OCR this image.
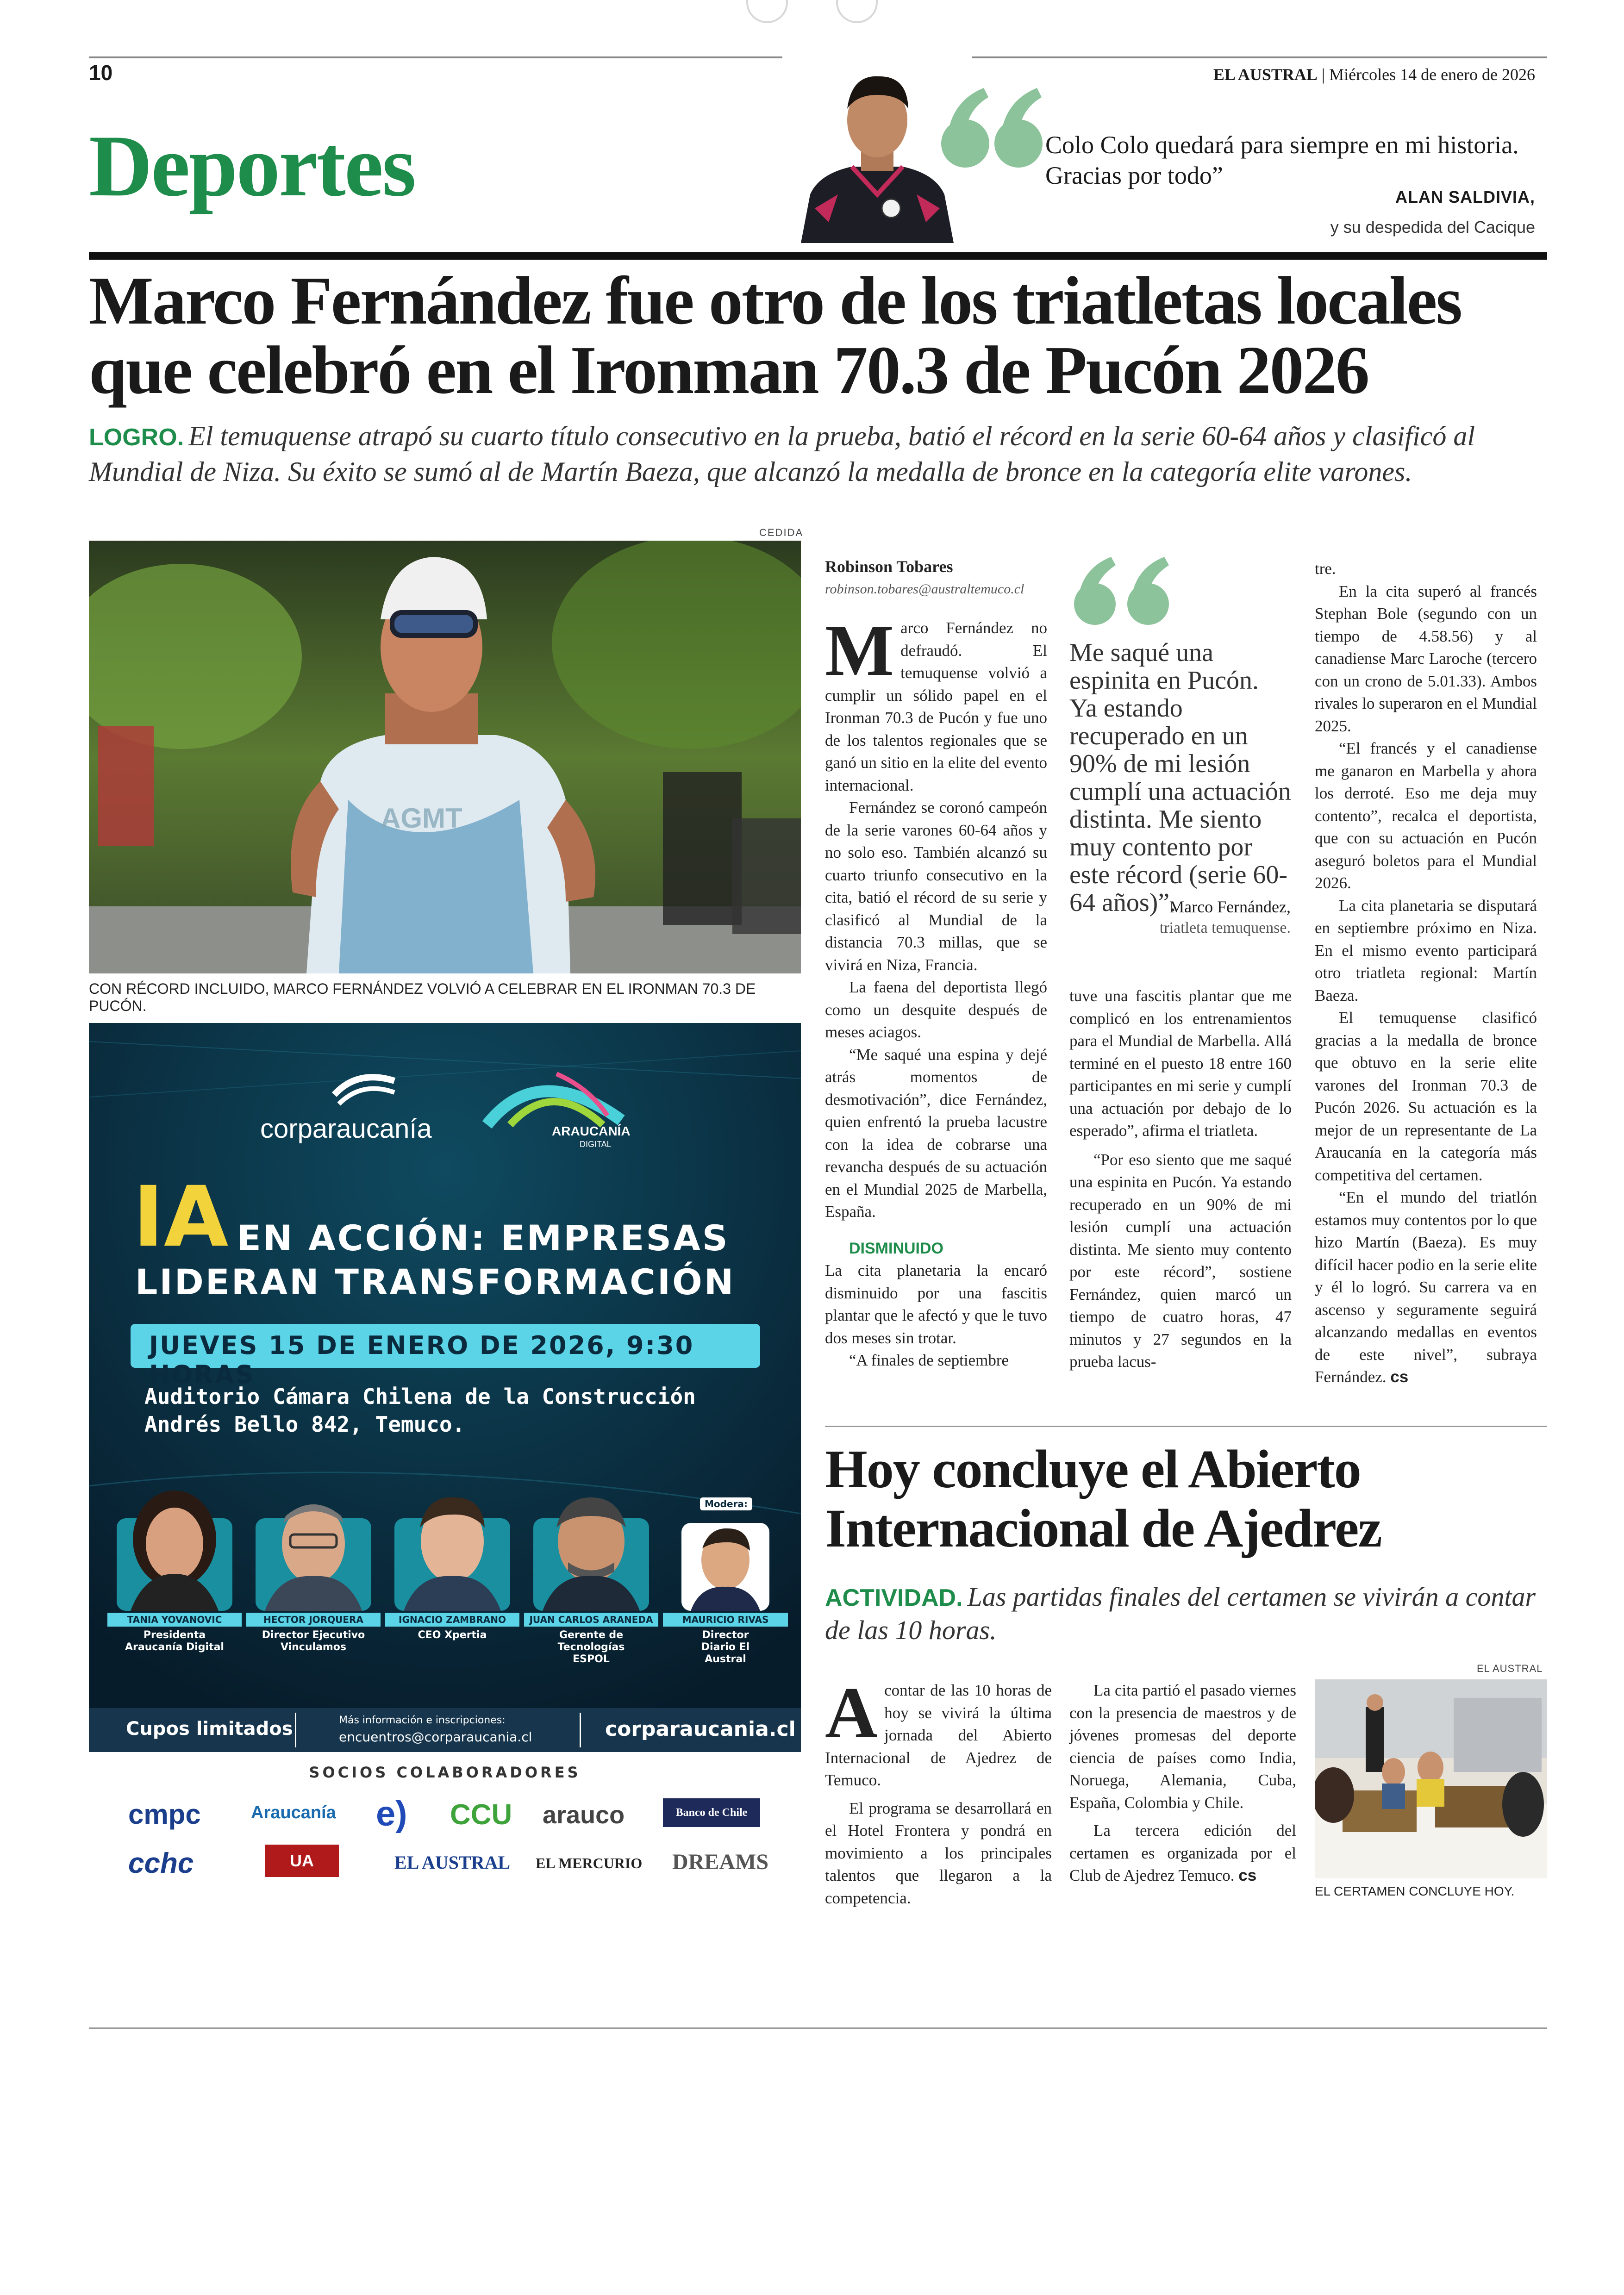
10	EL AUSTRAL | Miércoles 14 de enero de 2026
Deportes	Colo Colo quedará para siempre en mi historia. Gracias por todo”
ALAN SALDIVIA,
y su despedida del Cacique
Marco Fernández fue otro de los triatletas locales que celebró en el Ironman 70.3 de Pucón 2026
LOGRO. El temuquense atrapó su cuarto título consecutivo en la prueba, batió el récord en la serie 60-64 años y clasificó al Mundial de Niza. Su éxito se sumó al de Martín Baeza, que alcanzó la medalla de bronce en la categoría elite varones.
CEDIDA
AGMT
CON RÉCORD INCLUIDO, MARCO FERNÁNDEZ VOLVIÓ A CELEBRAR EN EL IRONMAN 70.3 DE PUCÓN.
corparaucanía	ARAUCANÍA
DIGITAL
IA EN ACCIÓN: EMPRESAS
LIDERAN TRANSFORMACIÓN
JUEVES 15 DE ENERO DE 2026, 9:30 HORAS
Auditorio Cámara Chilena de la Construcción
Andrés Bello 842, Temuco.
TANIA YOVANOVIC
Presidenta Araucanía Digital
HECTOR JORQUERA
Director Ejecutivo Vinculamos
IGNACIO ZAMBRANO
CEO Xpertia
JUAN CARLOS ARANEDA
Gerente de Tecnologías ESPOL
Modera:
MAURICIO RIVAS
Director Diario El Austral
Cupos limitados	Más información e inscripciones:
encuentros@corparaucania.cl	corparaucania.cl
SOCIOS COLABORADORES
cmpc	Araucanía e) CCU arauco	Banco de Chile
cchc	UA	EL AUSTRAL EL MERCURIO DREAMS

Robinson Tobares

robinson.tobares@australtemuco.cl

Marco Fernández no defraudó. El temuquense volvió a cumplir un sólido papel en el Ironman 70.3 de Pucón y fue uno de los talentos regionales que se ganó un sitio en la elite del evento internacional.

Fernández se coronó campeón de la serie varones 60-64 años y no solo eso. También alcanzó su cuarto triunfo consecutivo en la cita, batió el récord de su serie y clasificó al Mundial de la distancia 70.3 millas, que se vivirá en Niza, Francia.

La faena del deportista llegó como un desquite después de meses aciagos.

“Me saqué una espina y dejé atrás momentos de desmotivación”, dice Fernández, quien enfrentó la prueba lacustre con la idea de cobrarse una revancha después de su actuación en el Mundial 2025 de Marbella, España.

DISMINUIDO

La cita planetaria la encaró disminuido por una fascitis plantar que le afectó y que le tuvo dos meses sin trotar.

“A finales de septiembre

Me saqué una espinita en Pucón. Ya estando recuperado en un 90% de mi lesión cumplí una actuación distinta. Me siento muy contento por este récord (serie 60-64 años)”.
Marco Fernández,
triatleta temuquense.

tuve una fascitis plantar que me complicó en los entrenamientos para el Mundial de Marbella. Allá terminé en el puesto 18 entre 160 participantes en mi serie y cumplí una actuación por debajo de lo esperado”, afirma el triatleta.

“Por eso siento que me saqué una espinita en Pucón. Ya estando recuperado en un 90% de mi lesión cumplí una actuación distinta. Me siento muy contento por este récord”, sostiene Fernández, quien marcó un tiempo de cuatro horas, 47 minutos y 27 segundos en la prueba lacus-

tre.

En la cita superó al francés Stephan Bole (segundo con un tiempo de 4.58.56) y al canadiense Marc Laroche (tercero con un crono de 5.01.33). Ambos rivales lo superaron en el Mundial 2025.

“El francés y el canadiense me ganaron en Marbella y ahora los derroté. Eso me deja muy contento”, recalca el deportista, que con su actuación en Pucón aseguró boletos para el Mundial 2026.

La cita planetaria se disputará en septiembre próximo en Niza. En el mismo evento participará otro triatleta regional: Martín Baeza.

El temuquense clasificó gracias a la medalla de bronce que obtuvo en la serie elite varones del Ironman 70.3 de Pucón 2026. Su actuación es la mejor de un representante de La Araucanía en la categoría más competitiva del certamen.

“En el mundo del triatlón estamos muy contentos por lo que hizo Martín (Baeza). Es muy difícil hacer podio en la serie elite y él lo logró. Su carrera va en ascenso y seguramente seguirá alcanzando medallas en eventos de este nivel”, subraya Fernández. cs

Hoy concluye el Abierto Internacional de Ajedrez
ACTIVIDAD. Las partidas finales del certamen se vivirán a contar de las 10 horas.

Acontar de las 10 horas de hoy se vivirá la última jornada del Abierto Internacional de Ajedrez de Temuco.

El programa se desarrollará en el Hotel Frontera y pondrá en movimiento a los principales talentos que llegaron a la competencia.

La cita partió el pasado viernes con la presencia de maestros y de jóvenes promesas del deporte ciencia de países como India, Noruega, Alemania, Cuba, España, Colombia y Chile.

La tercera edición del certamen es organizada por el Club de Ajedrez Temuco. cs

EL AUSTRAL
EL CERTAMEN CONCLUYE HOY.
